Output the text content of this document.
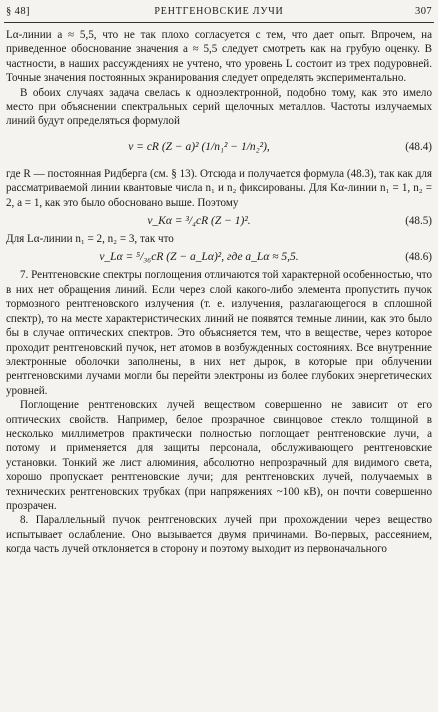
§ 48]	РЕНТГЕНОВСКИЕ ЛУЧИ	307

Lα-линии a ≈ 5,5, что не так плохо согласуется с тем, что дает опыт. Впрочем, на приведенное обоснование значения a ≈ 5,5 следует смотреть как на грубую оценку. В частности, в наших рассуждениях не учтено, что уровень L состоит из трех подуровней. Точные значения постоянных экранирования следует определять экспериментально.

В обоих случаях задача свелась к одноэлектронной, подобно тому, как это имело место при объяснении спектральных серий щелочных металлов. Частоты излучаемых линий будут определяться формулой

ν = cR (Z − a)² (1/n₁² − 1/n₂²),	(48.4)

где R — постоянная Ридберга (см. § 13). Отсюда и получается формула (48.3), так как для рассматриваемой линии квантовые числа n₁ и n₂ фиксированы. Для Kα-линии n₁ = 1, n₂ = 2, a = 1, как это было обосновано выше. Поэтому

ν_Kα = ³/₄cR (Z − 1)².	(48.5)

Для Lα-линии n₁ = 2, n₂ = 3, так что

ν_Lα = ⁵/₃₆cR (Z − a_Lα)², где a_Lα ≈ 5,5.	(48.6)

7. Рентгеновские спектры поглощения отличаются той характерной особенностью, что в них нет обращения линий. Если через слой какого-либо элемента пропустить пучок тормозного рентгеновского излучения (т. е. излучения, разлагающегося в сплошной спектр), то на месте характеристических линий не появятся темные линии, как это было бы в случае оптических спектров. Это объясняется тем, что в веществе, через которое проходит рентгеновский пучок, нет атомов в возбужденных состояниях. Все внутренние электронные оболочки заполнены, в них нет дырок, в которые при облучении рентгеновскими лучами могли бы перейти электроны из более глубоких энергетических уровней.

Поглощение рентгеновских лучей веществом совершенно не зависит от его оптических свойств. Например, белое прозрачное свинцовое стекло толщиной в несколько миллиметров практически полностью поглощает рентгеновские лучи, а потому и применяется для защиты персонала, обслуживающего рентгеновские установки. Тонкий же лист алюминия, абсолютно непрозрачный для видимого света, хорошо пропускает рентгеновские лучи; для рентгеновских лучей, получаемых в технических рентгеновских трубках (при напряжениях ~100 кВ), он почти совершенно прозрачен.

8. Параллельный пучок рентгеновских лучей при прохождении через вещество испытывает ослабление. Оно вызывается двумя причинами. Во-первых, рассеянием, когда часть лучей отклоняется в сторону и поэтому выходит из первоначального
